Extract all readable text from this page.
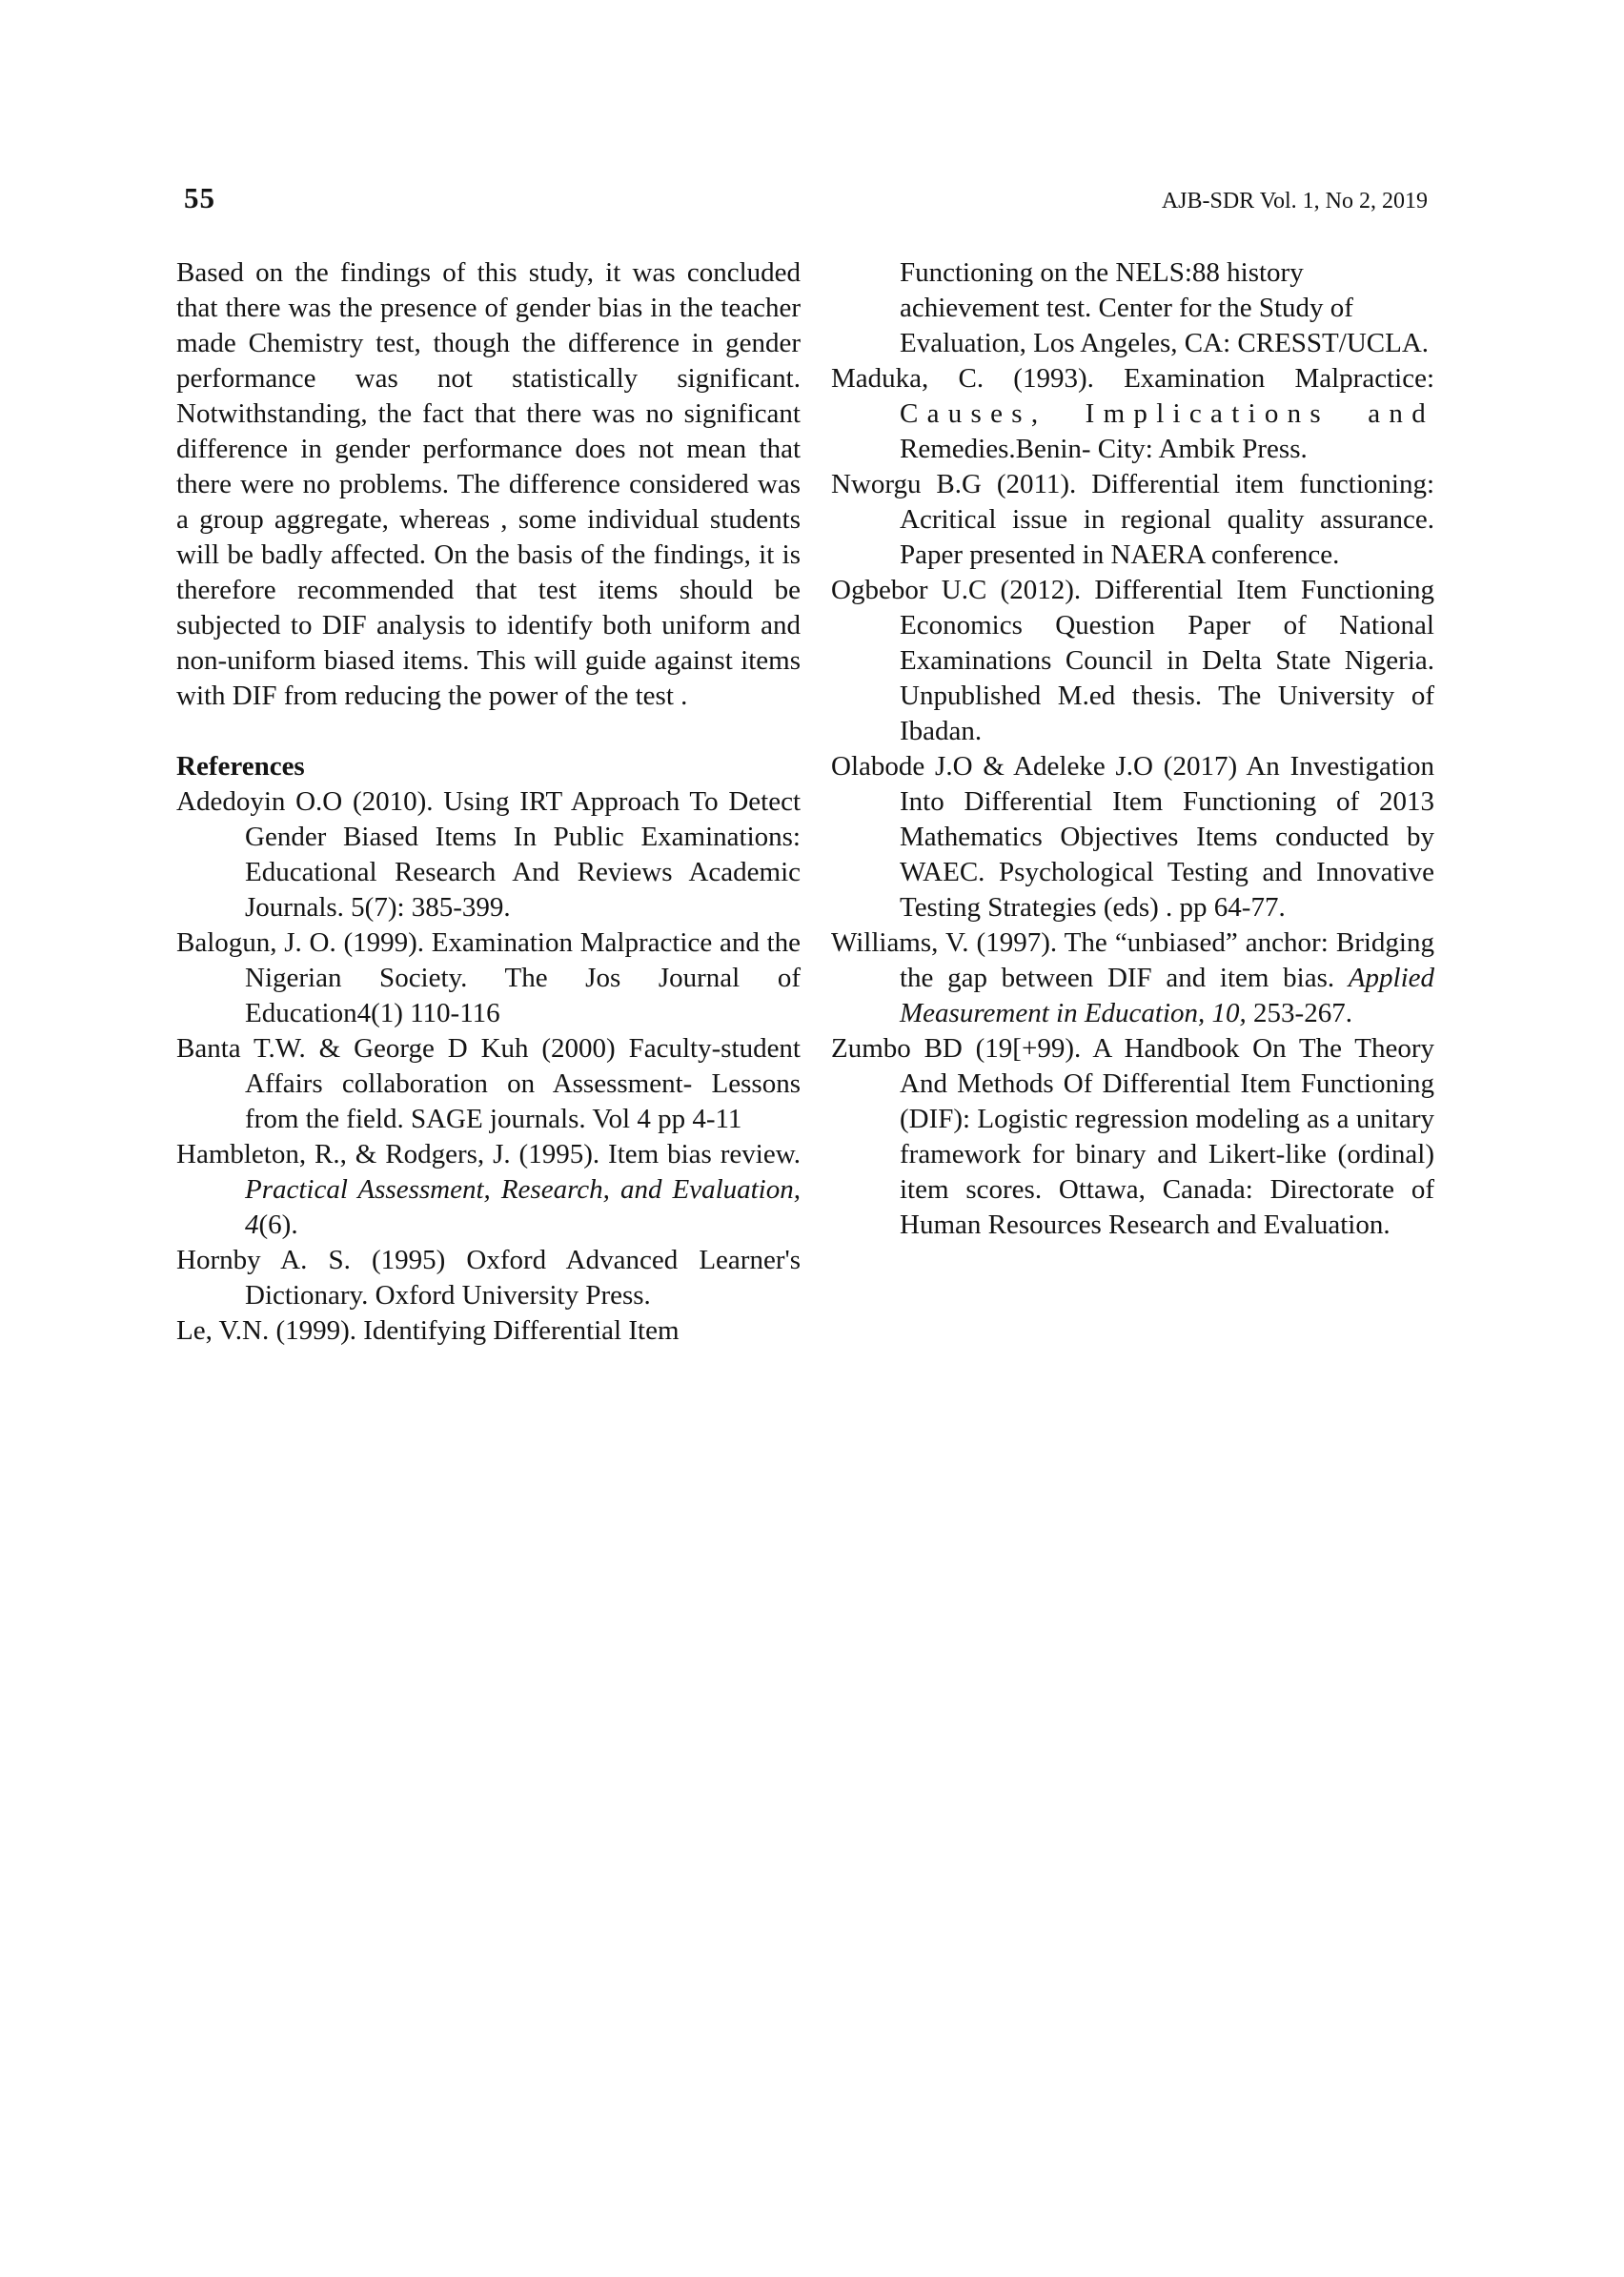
55	AJB-SDR Vol. 1, No 2, 2019

Based on the findings of this study, it was concluded that there was the presence of gender bias in the teacher made Chemistry test, though the difference in gender performance was not statistically significant. Notwithstanding, the fact that there was no significant difference in gender performance does not mean that there were no problems. The difference considered was a group aggregate, whereas , some individual students will be badly affected. On the basis of the findings, it is therefore recommended that test items should be subjected to DIF analysis to identify both uniform and non-uniform biased items. This will guide against items with DIF from reducing the power of the test .

References

Adedoyin O.O (2010). Using IRT Approach To Detect Gender Biased Items In Public Examinations: Educational Research And Reviews Academic Journals. 5(7): 385-399.

Balogun, J. O. (1999). Examination Malpractice and the Nigerian Society. The Jos Journal of Education4(1) 110-116

Banta T.W. & George D Kuh (2000) Faculty-student Affairs collaboration on Assessment- Lessons from the field. SAGE journals. Vol 4 pp 4-11

Hambleton, R., & Rodgers, J. (1995). Item bias review. Practical Assessment, Research, and Evaluation, 4(6).

Hornby A. S. (1995) Oxford Advanced Learner's Dictionary. Oxford University Press.

Le, V.N. (1999). Identifying Differential Item

Functioning on the NELS:88 history achievement test. Center for the Study of Evaluation, Los Angeles, CA: CRESST/UCLA.

Maduka, C. (1993). Examination Malpractice: Causes, Implications and Remedies.Benin- City: Ambik Press.

Nworgu B.G (2011). Differential item functioning: Acritical issue in regional quality assurance. Paper presented in NAERA conference.

Ogbebor U.C (2012). Differential Item Functioning Economics Question Paper of National Examinations Council in Delta State Nigeria. Unpublished M.ed thesis. The University of Ibadan.

Olabode J.O & Adeleke J.O (2017) An Investigation Into Differential Item Functioning of 2013 Mathematics Objectives Items conducted by WAEC. Psychological Testing and Innovative Testing Strategies (eds) . pp 64-77.

Williams, V. (1997). The “unbiased” anchor: Bridging the gap between DIF and item bias. Applied Measurement in Education, 10, 253-267.

Zumbo BD (19[+99). A Handbook On The Theory And Methods Of Differential Item Functioning (DIF): Logistic regression modeling as a unitary framework for binary and Likert-like (ordinal) item scores. Ottawa, Canada: Directorate of Human Resources Research and Evaluation.
